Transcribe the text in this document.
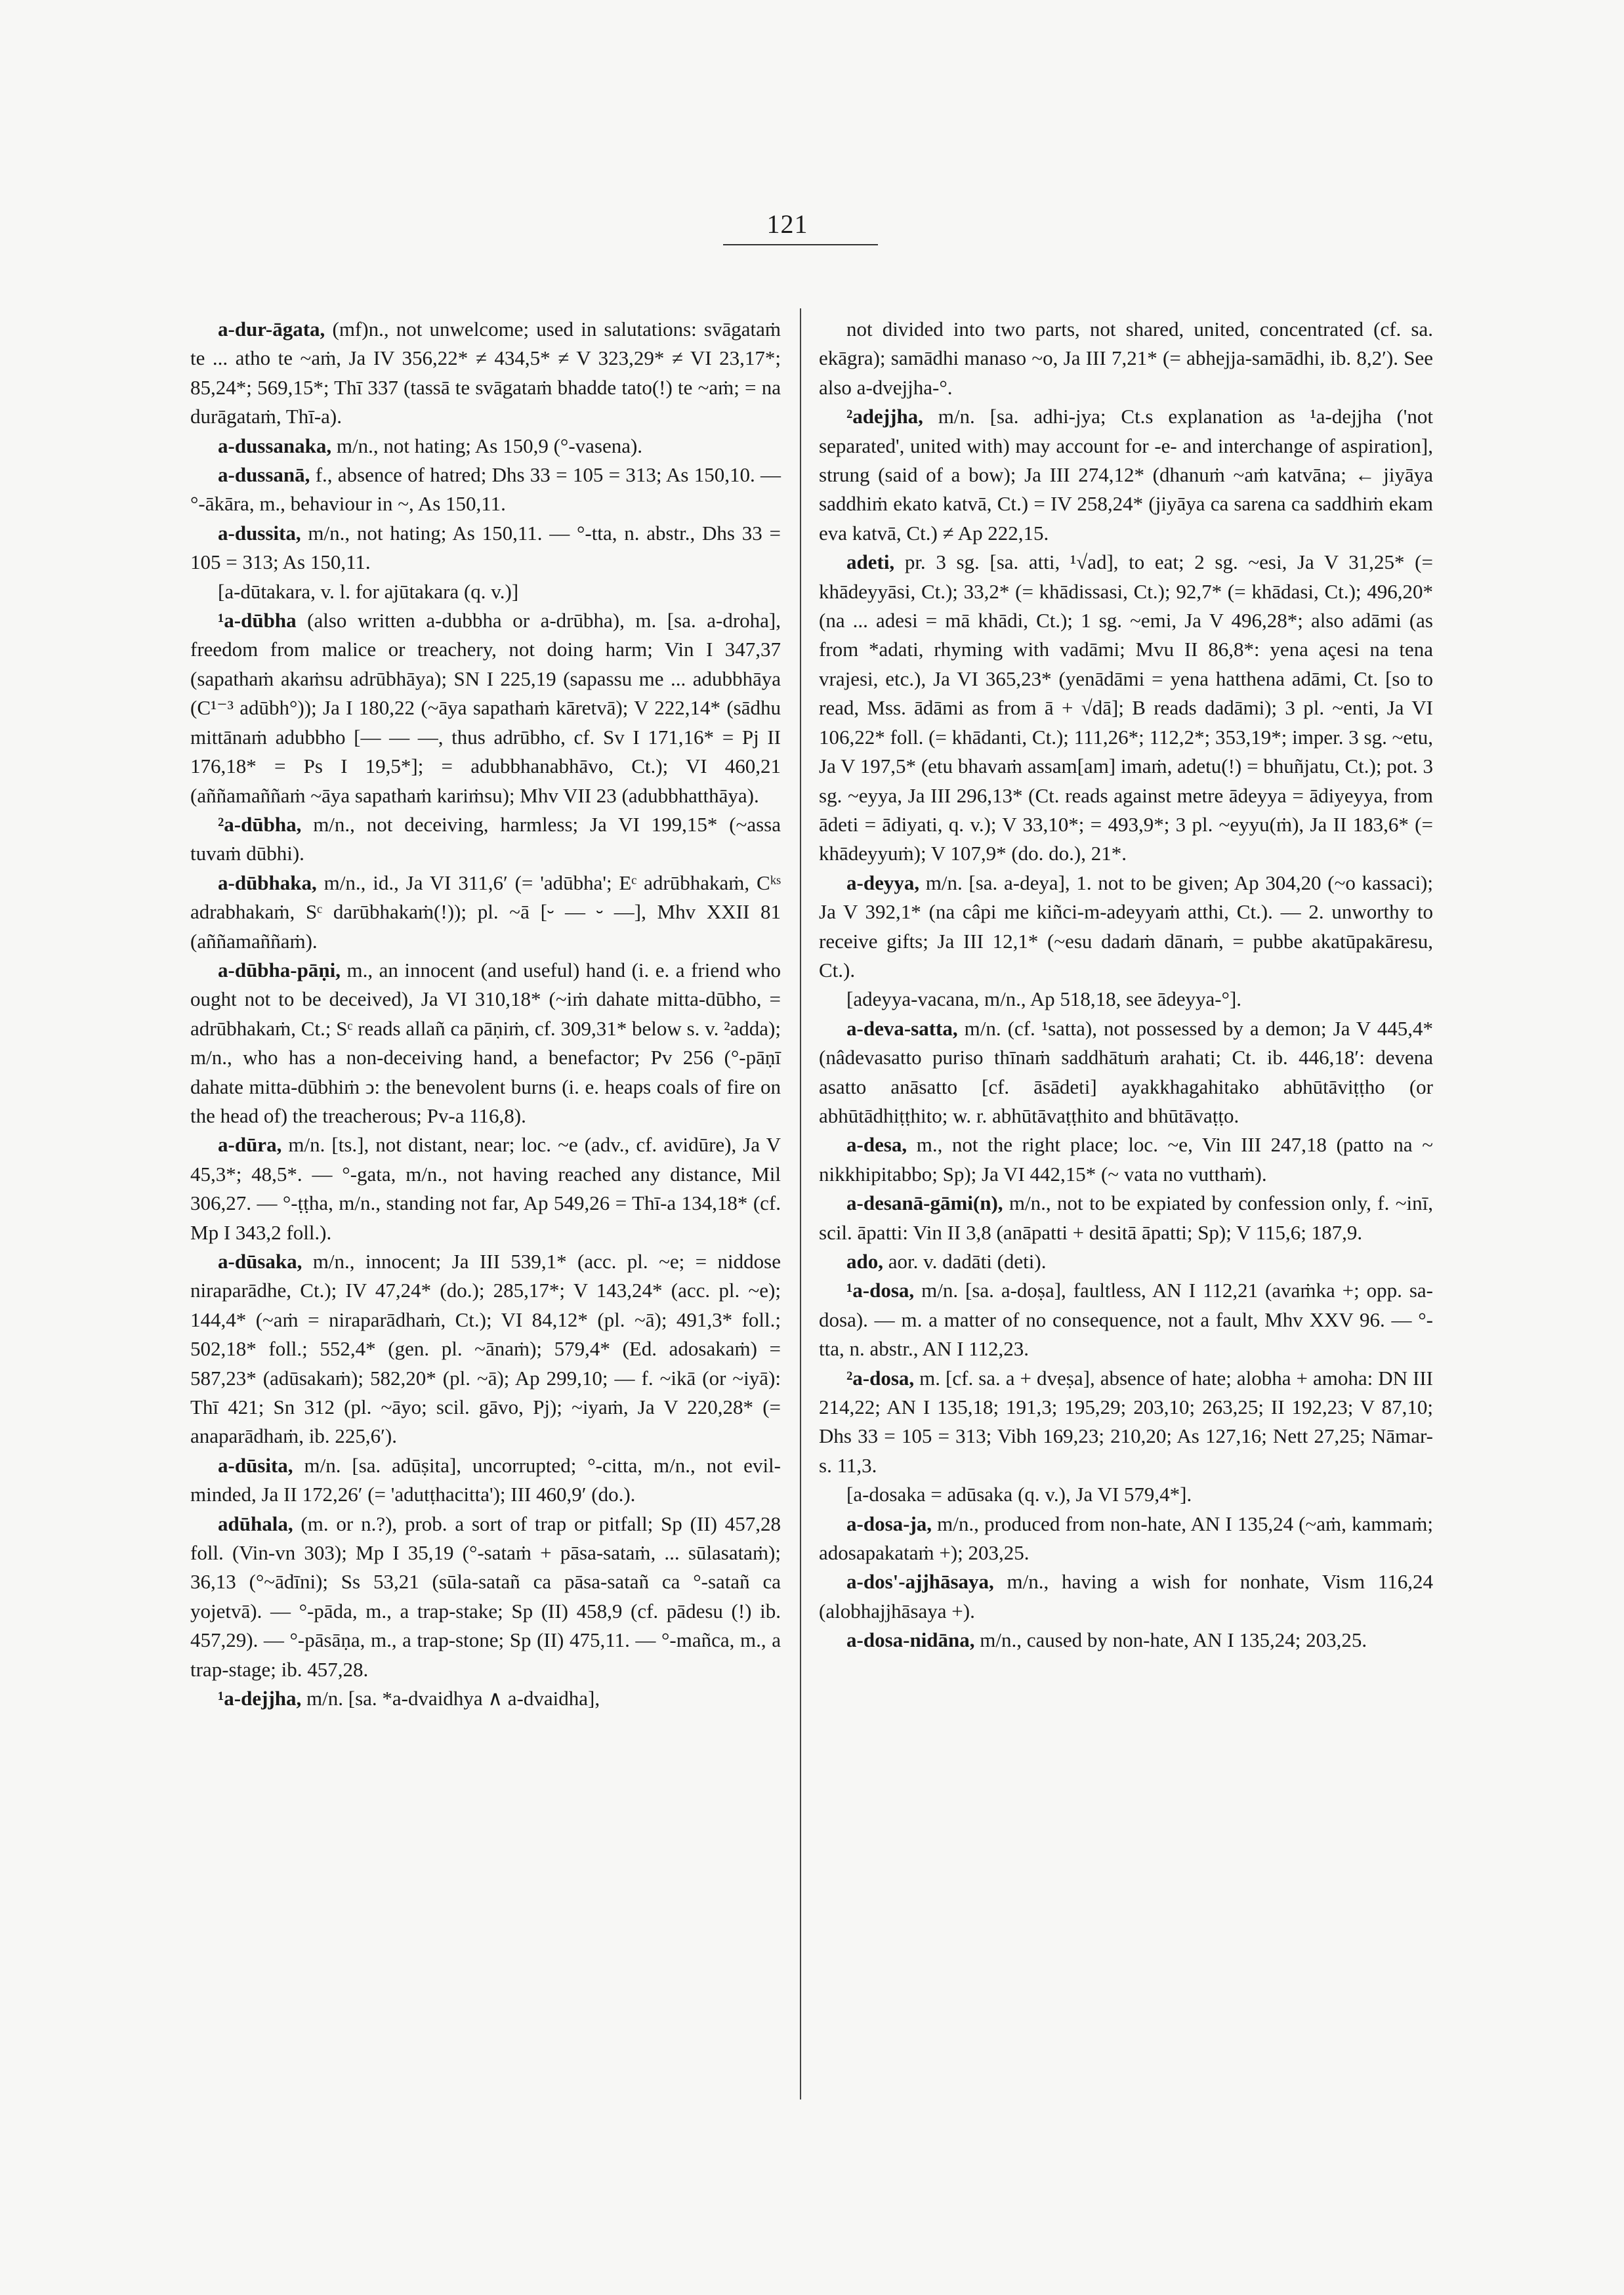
121

a-dur-āgata, (mf)n., not unwelcome; used in salutations: svāgataṁ te ... atho te ~aṁ, Ja IV 356,22* ≠ 434,5* ≠ V 323,29* ≠ VI 23,17*; 85,24*; 569,15*; Thī 337 (tassā te svāgataṁ bhadde tato(!) te ~aṁ; = na durāgataṁ, Thī-a).

a-dussanaka, m/n., not hating; As 150,9 (°-vasena).

a-dussanā, f., absence of hatred; Dhs 33 = 105 = 313; As 150,10. — °-ākāra, m., behaviour in ~, As 150,11.

a-dussita, m/n., not hating; As 150,11. — °-tta, n. abstr., Dhs 33 = 105 = 313; As 150,11.

[a-dūtakara, v. l. for ajūtakara (q. v.)]

¹a-dūbha (also written a-dubbha or a-drūbha), m. [sa. a-droha], freedom from malice or treachery, not doing harm; Vin I 347,37 (sapathaṁ akaṁsu adrūbhāya); SN I 225,19 (sapassu me ... adubbhāya (C¹⁻³ adūbh°)); Ja I 180,22 (~āya sapathaṁ kāretvā); V 222,14* (sādhu mittānaṁ adubbho [— — —, thus adrūbho, cf. Sv I 171,16* = Pj II 176,18* = Ps I 19,5*]; = adubbhanabhāvo, Ct.); VI 460,21 (aññamaññaṁ ~āya sapathaṁ kariṁsu); Mhv VII 23 (adubbhatthāya).

²a-dūbha, m/n., not deceiving, harmless; Ja VI 199,15* (~assa tuvaṁ dūbhi).

a-dūbhaka, m/n., id., Ja VI 311,6′ (= 'adūbha'; Eᶜ adrūbhakaṁ, Cᵏˢ adrabhakaṁ, Sᶜ darūbhakaṁ(!)); pl. ~ā [⏑ — ⏑ —], Mhv XXII 81 (aññamaññaṁ).

a-dūbha-pāṇi, m., an innocent (and useful) hand (i. e. a friend who ought not to be deceived), Ja VI 310,18* (~iṁ dahate mitta-dūbho, = adrūbhakaṁ, Ct.; Sᶜ reads allañ ca pāṇiṁ, cf. 309,31* below s. v. ²adda); m/n., who has a non-deceiving hand, a benefactor; Pv 256 (°-pāṇī dahate mitta-dūbhiṁ ↄ: the benevolent burns (i. e. heaps coals of fire on the head of) the treacherous; Pv-a 116,8).

a-dūra, m/n. [ts.], not distant, near; loc. ~e (adv., cf. avidūre), Ja V 45,3*; 48,5*. — °-gata, m/n., not having reached any distance, Mil 306,27. — °-ṭṭha, m/n., standing not far, Ap 549,26 = Thī-a 134,18* (cf. Mp I 343,2 foll.).

a-dūsaka, m/n., innocent; Ja III 539,1* (acc. pl. ~e; = niddose niraparādhe, Ct.); IV 47,24* (do.); 285,17*; V 143,24* (acc. pl. ~e); 144,4* (~aṁ = niraparādhaṁ, Ct.); VI 84,12* (pl. ~ā); 491,3* foll.; 502,18* foll.; 552,4* (gen. pl. ~ānaṁ); 579,4* (Ed. adosakaṁ) = 587,23* (adūsakaṁ); 582,20* (pl. ~ā); Ap 299,10; — f. ~ikā (or ~iyā): Thī 421; Sn 312 (pl. ~āyo; scil. gāvo, Pj); ~iyaṁ, Ja V 220,28* (= anaparādhaṁ, ib. 225,6′).

a-dūsita, m/n. [sa. adūṣita], uncorrupted; °-citta, m/n., not evil-minded, Ja II 172,26′ (= 'adutṭhacitta'); III 460,9′ (do.).

adūhala, (m. or n.?), prob. a sort of trap or pitfall; Sp (II) 457,28 foll. (Vin-vn 303); Mp I 35,19 (°-sataṁ + pāsa-sataṁ, ... sūlasataṁ); 36,13 (°~ādīni); Ss 53,21 (sūla-satañ ca pāsa-satañ ca °-satañ ca yojetvā). — °-pāda, m., a trap-stake; Sp (II) 458,9 (cf. pādesu (!) ib. 457,29). — °-pāsāṇa, m., a trap-stone; Sp (II) 475,11. — °-mañca, m., a trap-stage; ib. 457,28.

¹a-dejjha, m/n. [sa. *a-dvaidhya ∧ a-dvaidha],

not divided into two parts, not shared, united, concentrated (cf. sa. ekāgra); samādhi manaso ~o, Ja III 7,21* (= abhejja-samādhi, ib. 8,2′). See also a-dvejjha-°.

²adejjha, m/n. [sa. adhi-jya; Ct.s explanation as ¹a-dejjha ('not separated', united with) may account for -e- and interchange of aspiration], strung (said of a bow); Ja III 274,12* (dhanuṁ ~aṁ katvāna; ← jiyāya saddhiṁ ekato katvā, Ct.) = IV 258,24* (jiyāya ca sarena ca saddhiṁ ekam eva katvā, Ct.) ≠ Ap 222,15.

adeti, pr. 3 sg. [sa. atti, ¹√ad], to eat; 2 sg. ~esi, Ja V 31,25* (= khādeyyāsi, Ct.); 33,2* (= khādissasi, Ct.); 92,7* (= khādasi, Ct.); 496,20* (na ... adesi = mā khādi, Ct.); 1 sg. ~emi, Ja V 496,28*; also adāmi (as from *adati, rhyming with vadāmi; Mvu II 86,8*: yena açesi na tena vrajesi, etc.), Ja VI 365,23* (yenādāmi = yena hatthena adāmi, Ct. [so to read, Mss. ādāmi as from ā + √dā]; B reads dadāmi); 3 pl. ~enti, Ja VI 106,22* foll. (= khādanti, Ct.); 111,26*; 112,2*; 353,19*; imper. 3 sg. ~etu, Ja V 197,5* (etu bhavaṁ assam[am] imaṁ, adetu(!) = bhuñjatu, Ct.); pot. 3 sg. ~eyya, Ja III 296,13* (Ct. reads against metre ādeyya = ādiyeyya, from ādeti = ādiyati, q. v.); V 33,10*; = 493,9*; 3 pl. ~eyyu(ṁ), Ja II 183,6* (= khādeyyuṁ); V 107,9* (do. do.), 21*.

a-deyya, m/n. [sa. a-deya], 1. not to be given; Ap 304,20 (~o kassaci); Ja V 392,1* (na câpi me kiñci-m-adeyyaṁ atthi, Ct.). — 2. unworthy to receive gifts; Ja III 12,1* (~esu dadaṁ dānaṁ, = pubbe akatūpakāresu, Ct.).

[adeyya-vacana, m/n., Ap 518,18, see ādeyya-°].

a-deva-satta, m/n. (cf. ¹satta), not possessed by a demon; Ja V 445,4* (nâdevasatto puriso thīnaṁ saddhātuṁ arahati; Ct. ib. 446,18′: devena asatto anāsatto [cf. āsādeti] ayakkhagahitako abhūtāviṭṭho (or abhūtādhiṭṭhito; w. r. abhūtāvaṭṭhito and bhūtāvaṭṭo.

a-desa, m., not the right place; loc. ~e, Vin III 247,18 (patto na ~ nikkhipitabbo; Sp); Ja VI 442,15* (~ vata no vutthaṁ).

a-desanā-gāmi(n), m/n., not to be expiated by confession only, f. ~inī, scil. āpatti: Vin II 3,8 (anāpatti + desitā āpatti; Sp); V 115,6; 187,9.

ado, aor. v. dadāti (deti).

¹a-dosa, m/n. [sa. a-doṣa], faultless, AN I 112,21 (avaṁka +; opp. sa-dosa). — m. a matter of no consequence, not a fault, Mhv XXV 96. — °-tta, n. abstr., AN I 112,23.

²a-dosa, m. [cf. sa. a + dveṣa], absence of hate; alobha + amoha: DN III 214,22; AN I 135,18; 191,3; 195,29; 203,10; 263,25; II 192,23; V 87,10; Dhs 33 = 105 = 313; Vibh 169,23; 210,20; As 127,16; Nett 27,25; Nāmar-s. 11,3.

[a-dosaka = adūsaka (q. v.), Ja VI 579,4*].

a-dosa-ja, m/n., produced from non-hate, AN I 135,24 (~aṁ, kammaṁ; adosapakataṁ +); 203,25.

a-dos'-ajjhāsaya, m/n., having a wish for nonhate, Vism 116,24 (alobhajjhāsaya +).

a-dosa-nidāna, m/n., caused by non-hate, AN I 135,24; 203,25.
